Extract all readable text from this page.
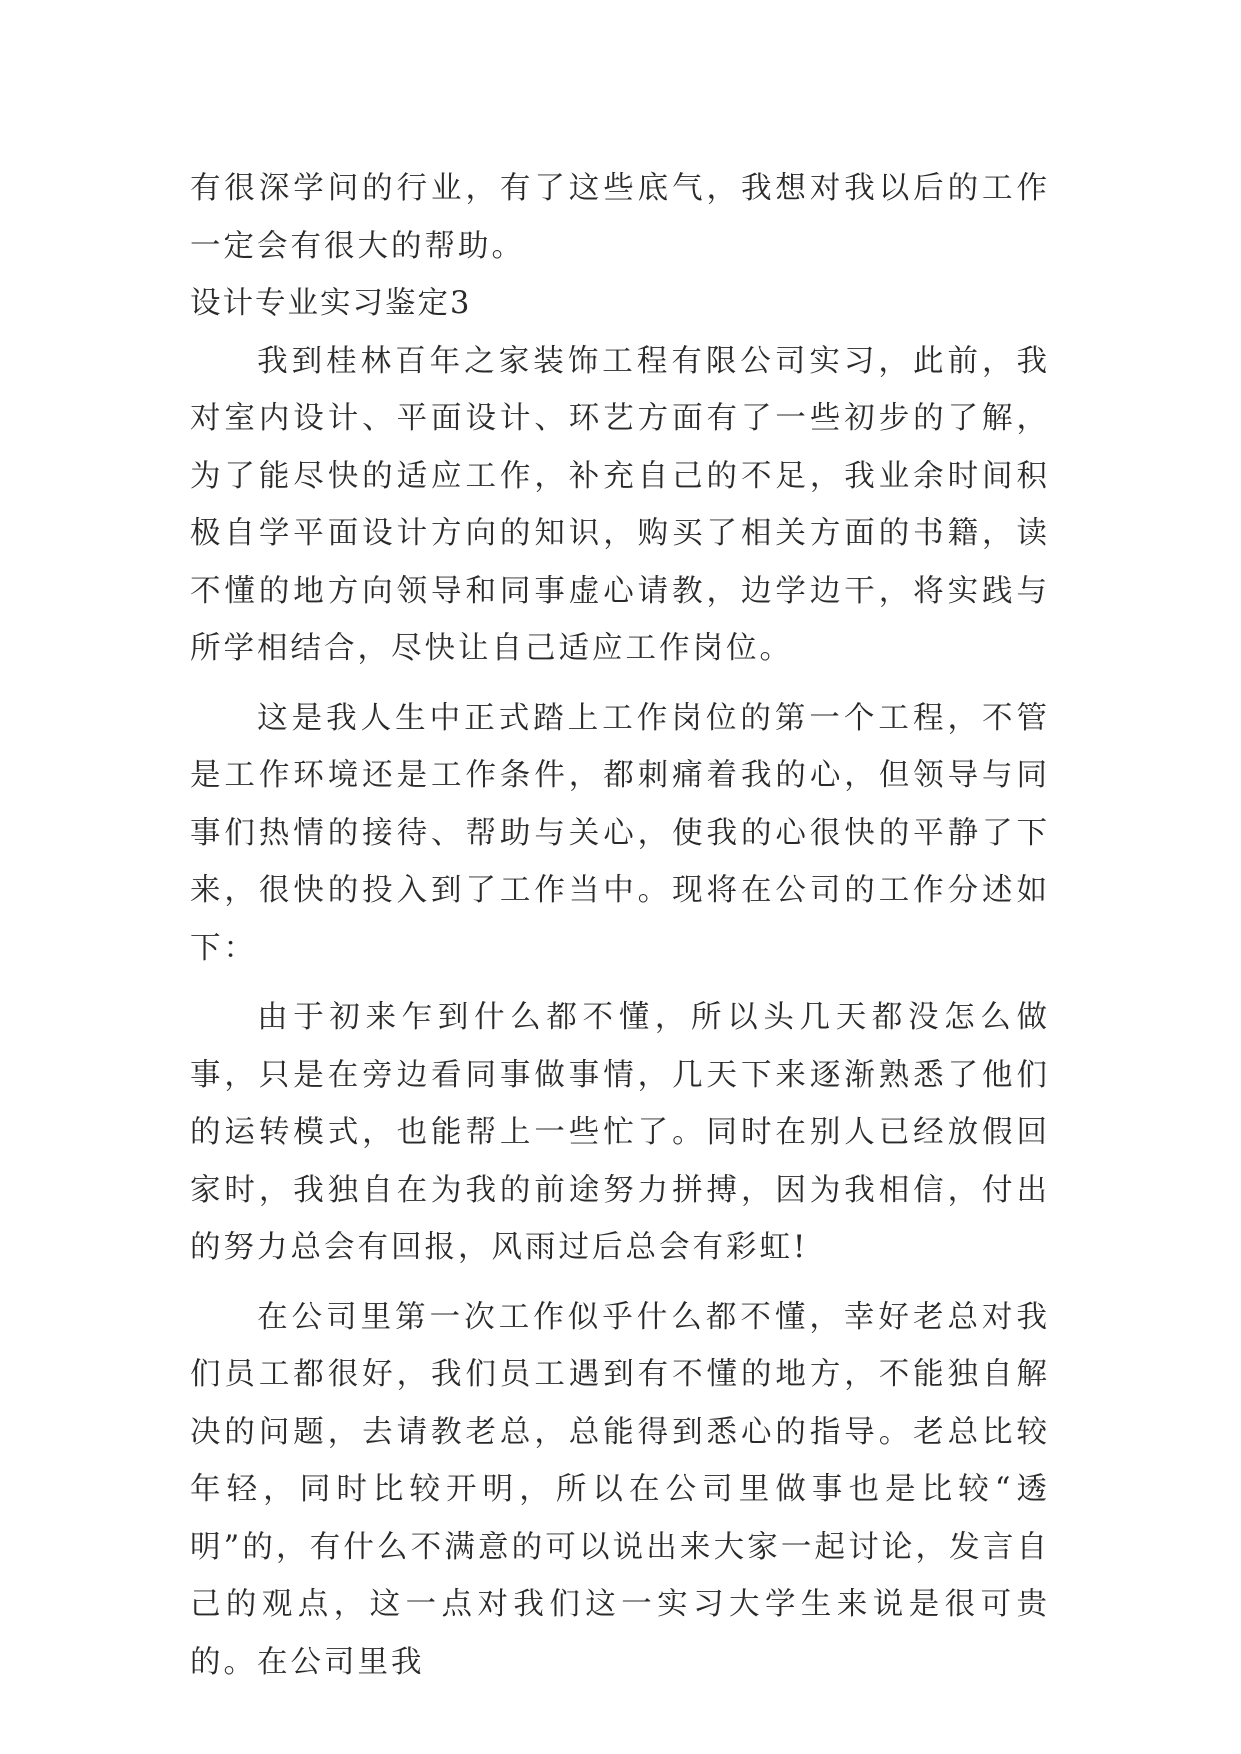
有很深学问的行业，有了这些底气，我想对我以后的工作一定会有很大的帮助。

设计专业实习鉴定3

我到桂林百年之家装饰工程有限公司实习，此前，我对室内设计、平面设计、环艺方面有了一些初步的了解，为了能尽快的适应工作，补充自己的不足，我业余时间积极自学平面设计方向的知识，购买了相关方面的书籍，读不懂的地方向领导和同事虚心请教，边学边干，将实践与所学相结合，尽快让自己适应工作岗位。

这是我人生中正式踏上工作岗位的第一个工程，不管是工作环境还是工作条件，都刺痛着我的心，但领导与同事们热情的接待、帮助与关心，使我的心很快的平静了下来，很快的投入到了工作当中。现将在公司的工作分述如下：

由于初来乍到什么都不懂，所以头几天都没怎么做事，只是在旁边看同事做事情，几天下来逐渐熟悉了他们的运转模式，也能帮上一些忙了。同时在别人已经放假回家时，我独自在为我的前途努力拼搏，因为我相信，付出的努力总会有回报，风雨过后总会有彩虹!

在公司里第一次工作似乎什么都不懂，幸好老总对我们员工都很好，我们员工遇到有不懂的地方，不能独自解决的问题，去请教老总，总能得到悉心的指导。老总比较年轻，同时比较开明，所以在公司里做事也是比较“透明”的，有什么不满意的可以说出来大家一起讨论，发言自己的观点，这一点对我们这一实习大学生来说是很可贵的。在公司里我
